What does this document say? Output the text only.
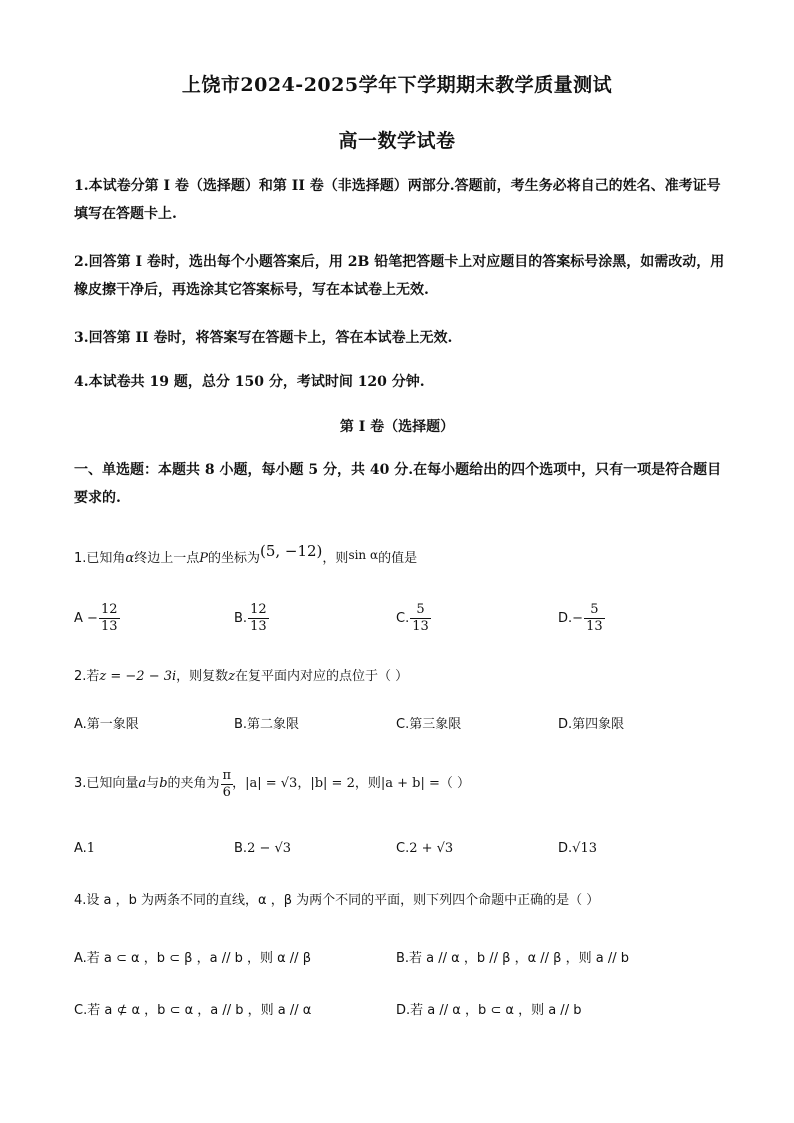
上饶市2024-2025学年下学期期末教学质量测试
高一数学试卷
1.本试卷分第 I 卷（选择题）和第 II 卷（非选择题）两部分.答题前，考生务必将自己的姓名、准考证号填写在答题卡上.
2.回答第 I 卷时，选出每个小题答案后，用 2B 铅笔把答题卡上对应题目的答案标号涂黑，如需改动，用橡皮擦干净后，再选涂其它答案标号，写在本试卷上无效.
3.回答第 II 卷时，将答案写在答题卡上，答在本试卷上无效.
4.本试卷共 19 题，总分 150 分，考试时间 120 分钟.
第 I 卷（选择题）
一、单选题：本题共 8 小题，每小题 5 分，共 40 分.在每小题给出的四个选项中，只有一项是符合题目要求的.
1.已知角α终边上一点P的坐标为(5, −12)，则sin α的值是
A
− $\frac{12}{13}$	B. $\frac{12}{13}$	C. $\frac{5}{13}$	D. − $\frac{5}{13}$
2.若z = −2 − 3i，则复数z在复平面内对应的点位于（ ）
A.第一象限	B.第二象限	C.第三象限	D.第四象限
3.已知向量 a 与 b 的夹角为 $\frac{\pi}{6}$ ， |a| = √3 ， |b| = 2 ，则 |a + b| = （ ）
A. 1	B. 2 − √3	C. 2 + √3	D. √13
4.设 a ，b 为两条不同的直线，α ，β 为两个不同的平面，则下列四个命题中正确的是（ ）
A.若 a ⊂ α ，b ⊂ β ，a // b ，则 α // β	B.若 a // α ，b // β ，α // β ，则 a // b
C.若 a ⊄ α ，b ⊂ α ，a // b ，则 a // α	D.若 a // α ，b ⊂ α ，则 a // b
